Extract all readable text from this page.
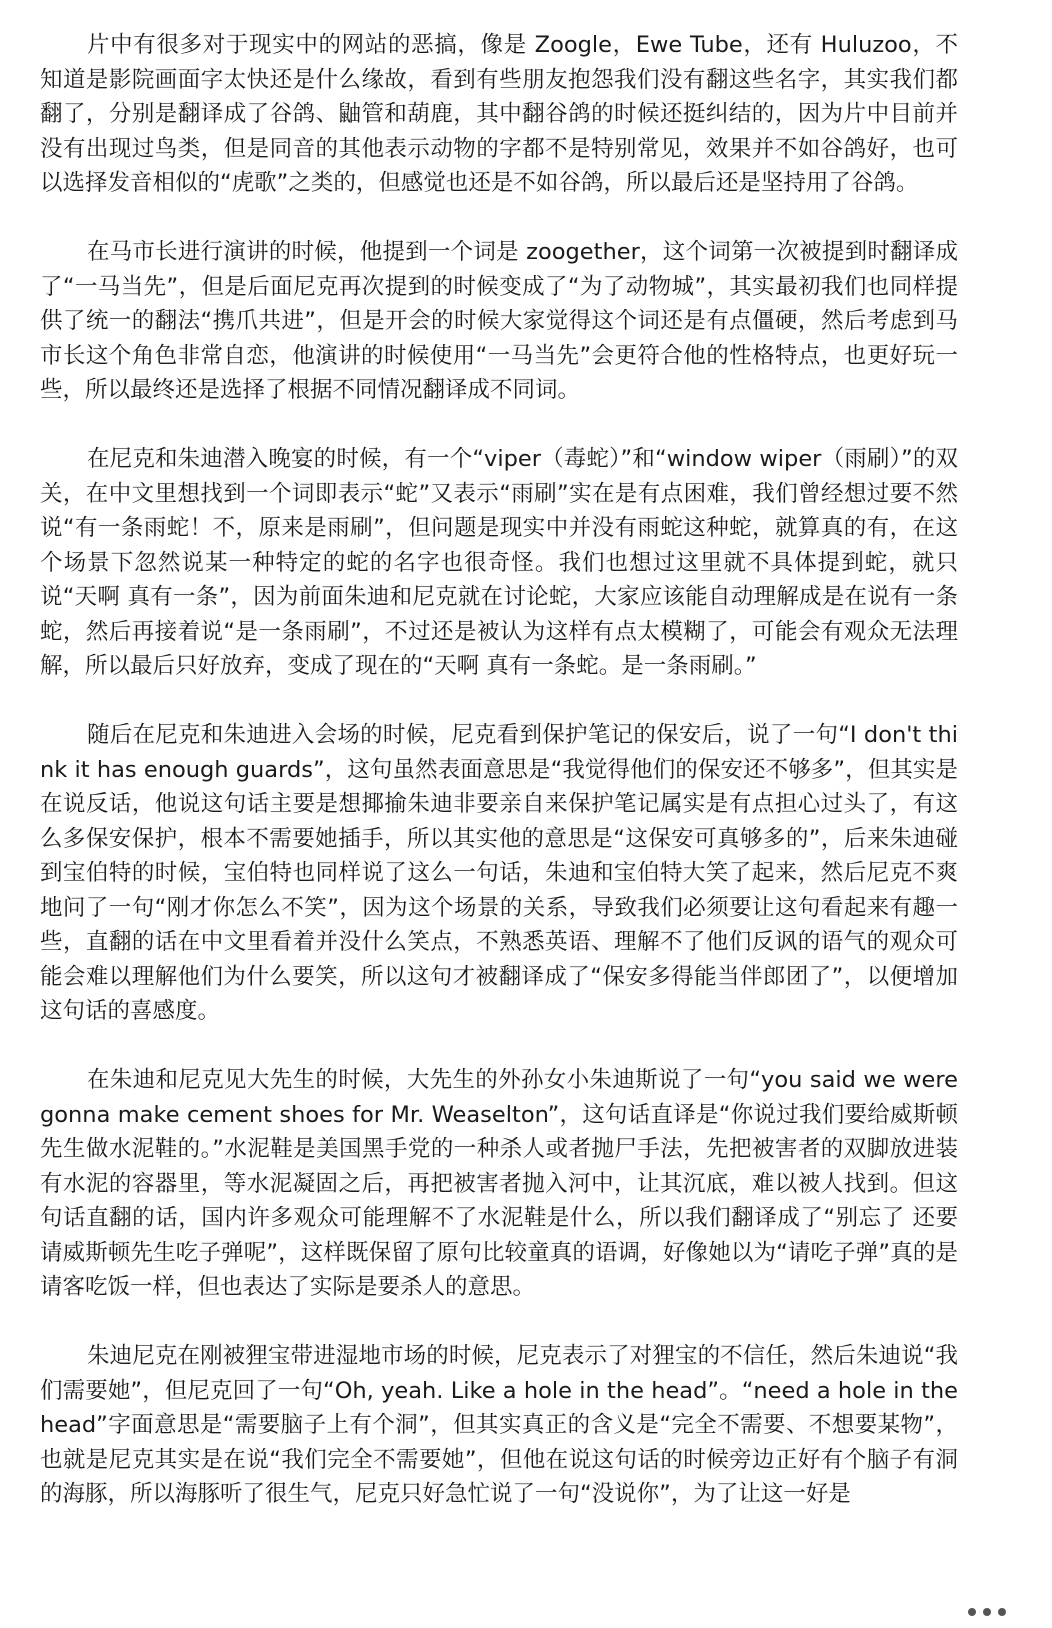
片中有很多对于现实中的网站的恶搞，像是 Zoogle，Ewe Tube，还有 Huluzoo，不知道是影院画面字太快还是什么缘故，看到有些朋友抱怨我们没有翻这些名字，其实我们都翻了，分别是翻译成了谷鸽、鼬管和葫鹿，其中翻谷鸽的时候还挺纠结的，因为片中目前并没有出现过鸟类，但是同音的其他表示动物的字都不是特别常见，效果并不如谷鸽好，也可以选择发音相似的“虎歌”之类的，但感觉也还是不如谷鸽，所以最后还是坚持用了谷鸽。

在马市长进行演讲的时候，他提到一个词是 zoogether，这个词第一次被提到时翻译成了“一马当先”，但是后面尼克再次提到的时候变成了“为了动物城”，其实最初我们也同样提供了统一的翻法“携爪共进”，但是开会的时候大家觉得这个词还是有点僵硬，然后考虑到马市长这个角色非常自恋，他演讲的时候使用“一马当先”会更符合他的性格特点，也更好玩一些，所以最终还是选择了根据不同情况翻译成不同词。

在尼克和朱迪潜入晚宴的时候，有一个“viper（毒蛇）”和“window wiper（雨刷）”的双关，在中文里想找到一个词即表示“蛇”又表示“雨刷”实在是有点困难，我们曾经想过要不然说“有一条雨蛇！不，原来是雨刷”，但问题是现实中并没有雨蛇这种蛇，就算真的有，在这个场景下忽然说某一种特定的蛇的名字也很奇怪。我们也想过这里就不具体提到蛇，就只说“天啊 真有一条”，因为前面朱迪和尼克就在讨论蛇，大家应该能自动理解成是在说有一条蛇，然后再接着说“是一条雨刷”，不过还是被认为这样有点太模糊了，可能会有观众无法理解，所以最后只好放弃，变成了现在的“天啊 真有一条蛇。是一条雨刷。”

随后在尼克和朱迪进入会场的时候，尼克看到保护笔记的保安后，说了一句“I don't think it has enough guards”，这句虽然表面意思是“我觉得他们的保安还不够多”，但其实是在说反话，他说这句话主要是想揶揄朱迪非要亲自来保护笔记属实是有点担心过头了，有这么多保安保护，根本不需要她插手，所以其实他的意思是“这保安可真够多的”，后来朱迪碰到宝伯特的时候，宝伯特也同样说了这么一句话，朱迪和宝伯特大笑了起来，然后尼克不爽地问了一句“刚才你怎么不笑”，因为这个场景的关系，导致我们必须要让这句看起来有趣一些，直翻的话在中文里看着并没什么笑点，不熟悉英语、理解不了他们反讽的语气的观众可能会难以理解他们为什么要笑，所以这句才被翻译成了“保安多得能当伴郎团了”，以便增加这句话的喜感度。

在朱迪和尼克见大先生的时候，大先生的外孙女小朱迪斯说了一句“you said we were gonna make cement shoes for Mr. Weaselton”，这句话直译是“你说过我们要给威斯顿先生做水泥鞋的。”水泥鞋是美国黑手党的一种杀人或者抛尸手法，先把被害者的双脚放进装有水泥的容器里，等水泥凝固之后，再把被害者抛入河中，让其沉底，难以被人找到。但这句话直翻的话，国内许多观众可能理解不了水泥鞋是什么，所以我们翻译成了“别忘了 还要请威斯顿先生吃子弹呢”，这样既保留了原句比较童真的语调，好像她以为“请吃子弹”真的是请客吃饭一样，但也表达了实际是要杀人的意思。

朱迪尼克在刚被狸宝带进湿地市场的时候，尼克表示了对狸宝的不信任，然后朱迪说“我们需要她”，但尼克回了一句“Oh, yeah. Like a hole in the head”。“need a hole in the head”字面意思是“需要脑子上有个洞”，但其实真正的含义是“完全不需要、不想要某物”，也就是尼克其实是在说“我们完全不需要她”，但他在说这句话的时候旁边正好有个脑子有洞的海豚，所以海豚听了很生气，尼克只好急忙说了一句“没说你”，为了让这一好是
